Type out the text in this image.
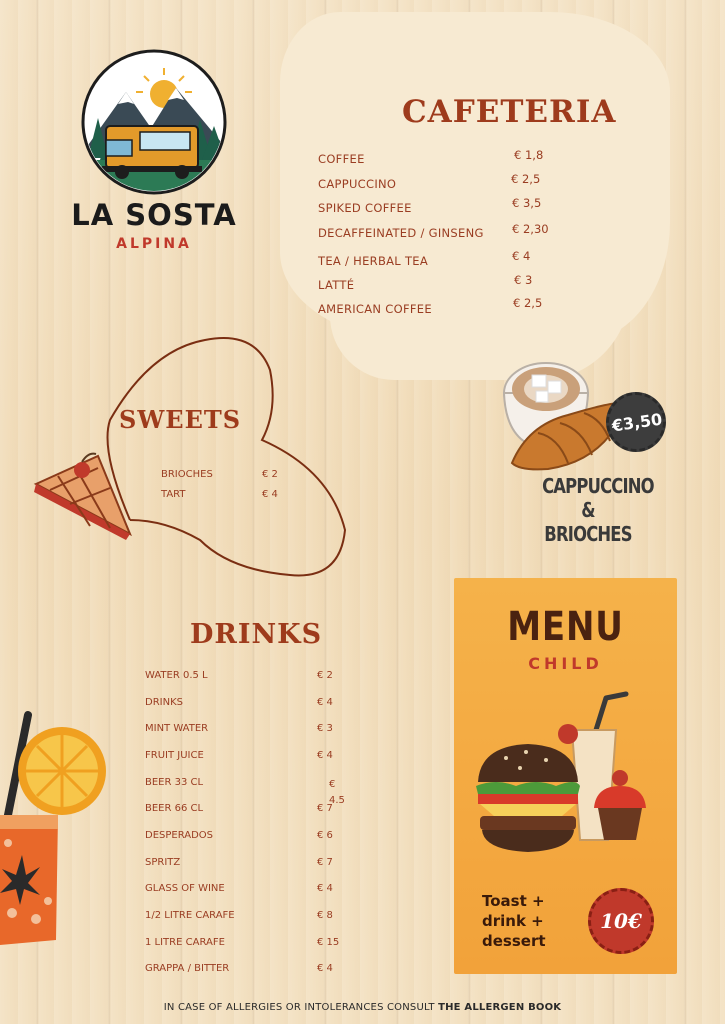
LA SOSTA
ALPINA
CAFETERIA
COFFEE	€ 1,8
CAPPUCCINO	€ 2,5
SPIKED COFFEE	€ 3,5
DECAFFEINATED / GINSENG € 2,30
TEA / HERBAL TEA	€ 4
LATTÉ	€ 3
AMERICAN COFFEE	€ 2,5
€3,50
CAPPUCCINO
& BRIOCHES
SWEETS
BRIOCHES	€ 2
TART	€ 4
DRINKS
WATER 0.5 L	€ 2
DRINKS	€ 4
MINT WATER	€ 3
FRUIT JUICE	€ 4
BEER 33 CL	€ 4.5
BEER 66 CL	€ 7
DESPERADOS	€ 6
SPRITZ	€ 7
GLASS OF WINE	€ 4
1/2 LITRE CARAFE	€ 8
1 LITRE CARAFE	€ 15
GRAPPA / BITTER	€ 4
MENU
CHILD
Toast +
drink +
dessert
10€
IN CASE OF ALLERGIES OR INTOLERANCES CONSULT THE ALLERGEN BOOK
